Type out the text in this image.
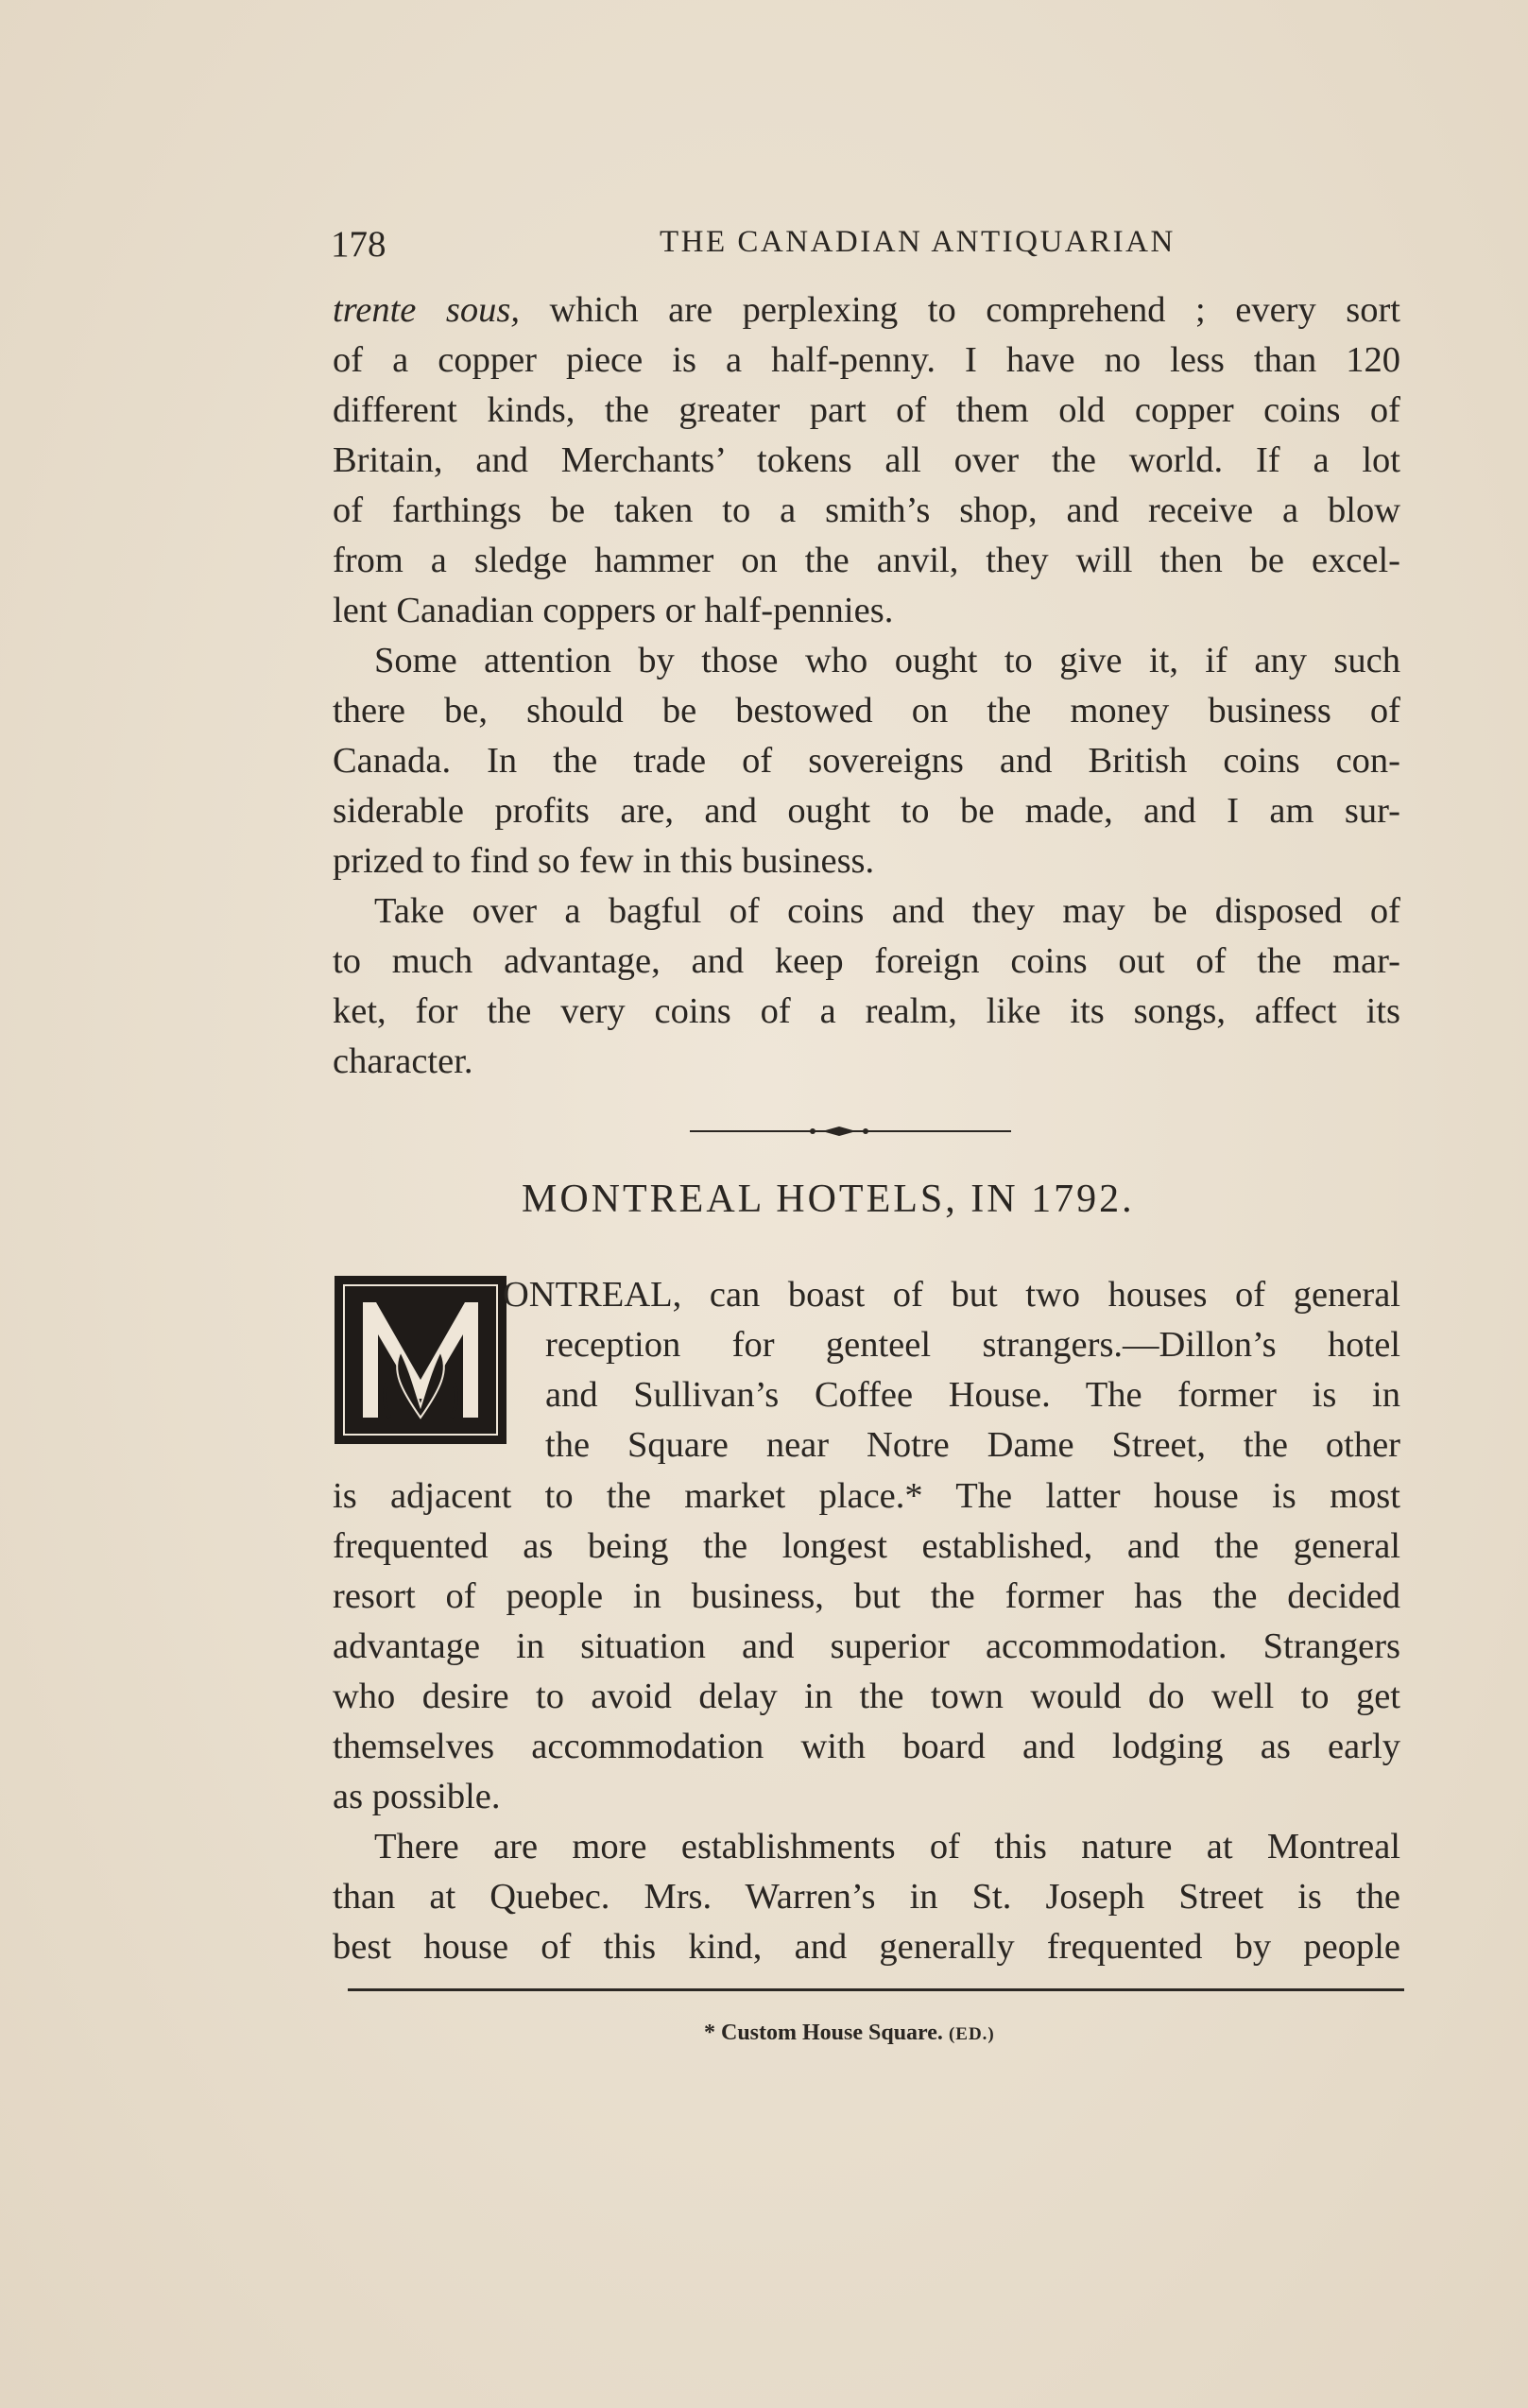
178	THE CANADIAN ANTIQUARIAN
trente sous, which are perplexing to comprehend ; every sort
of a copper piece is a half-penny. I have no less than 120
different kinds, the greater part of them old copper coins of
Britain, and Merchants’ tokens all over the world. If a lot
of farthings be taken to a smith’s shop, and receive a blow
from a sledge hammer on the anvil, they will then be excel-
lent Canadian coppers or half-pennies.
Some attention by those who ought to give it, if any such
there be, should be bestowed on the money business of
Canada. In the trade of sovereigns and British coins con-
siderable profits are, and ought to be made, and I am sur-
prized to find so few in this business.
Take over a bagful of coins and they may be disposed of
to much advantage, and keep foreign coins out of the mar-
ket, for the very coins of a realm, like its songs, affect its
character.
MONTREAL HOTELS, IN 1792.
ONTREAL, can boast of but two houses of general
reception for genteel strangers.—Dillon’s hotel
and Sullivan’s Coffee House. The former is in
the Square near Notre Dame Street, the other
is adjacent to the market place.* The latter house is most
frequented as being the longest established, and the general
resort of people in business, but the former has the decided
advantage in situation and superior accommodation. Strangers
who desire to avoid delay in the town would do well to get
themselves accommodation with board and lodging as early
as possible.
There are more establishments of this nature at Montreal
than at Quebec. Mrs. Warren’s in St. Joseph Street is the
best house of this kind, and generally frequented by people
* Custom House Square. (ED.)
